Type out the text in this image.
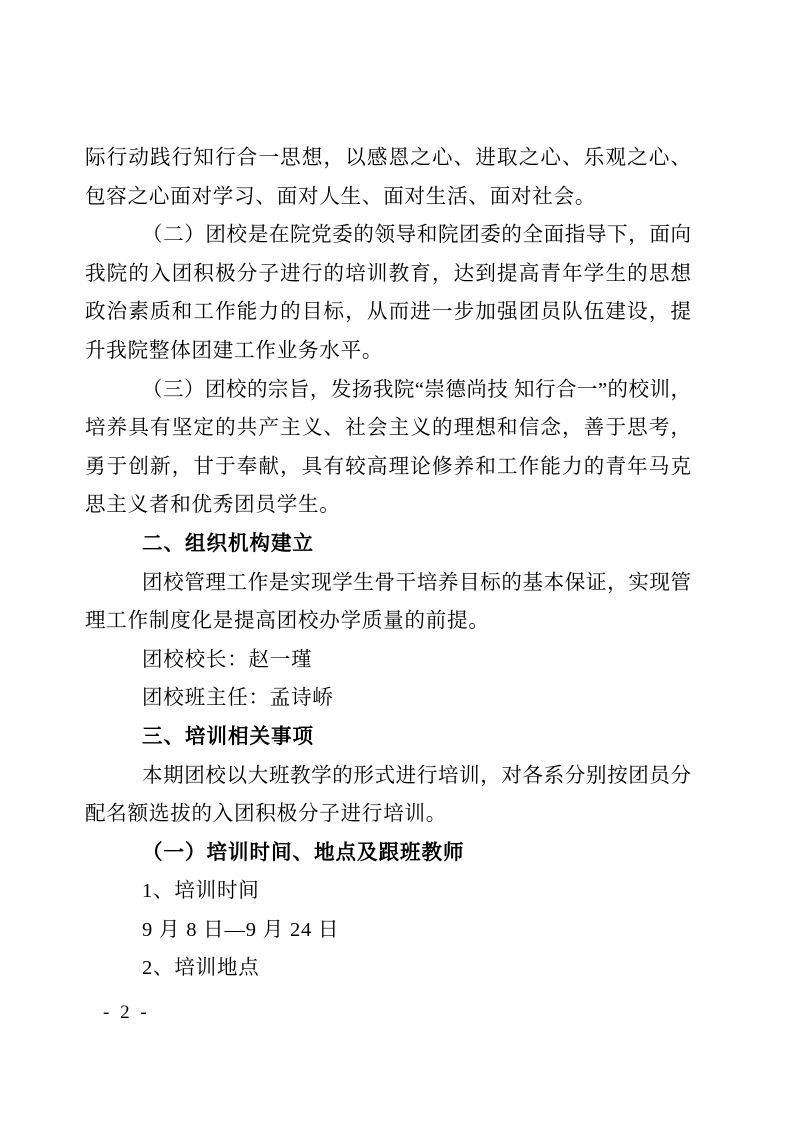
际行动践行知行合一思想，以感恩之心、进取之心、乐观之心、
包容之心面对学习、面对人生、面对生活、面对社会。
（二）团校是在院党委的领导和院团委的全面指导下，面向
我院的入团积极分子进行的培训教育，达到提高青年学生的思想
政治素质和工作能力的目标，从而进一步加强团员队伍建设，提
升我院整体团建工作业务水平。
（三）团校的宗旨，发扬我院“崇德尚技 知行合一”的校训，
培养具有坚定的共产主义、社会主义的理想和信念，善于思考，
勇于创新，甘于奉献，具有较高理论修养和工作能力的青年马克
思主义者和优秀团员学生。
二、组织机构建立
团校管理工作是实现学生骨干培养目标的基本保证，实现管
理工作制度化是提高团校办学质量的前提。
团校校长：赵一瑾
团校班主任：孟诗峤
三、培训相关事项
本期团校以大班教学的形式进行培训，对各系分别按团员分
配名额选拔的入团积极分子进行培训。
（一）培训时间、地点及跟班教师
1、培训时间
9 月 8 日—9 月 24 日
2、培训地点
- 2 -
